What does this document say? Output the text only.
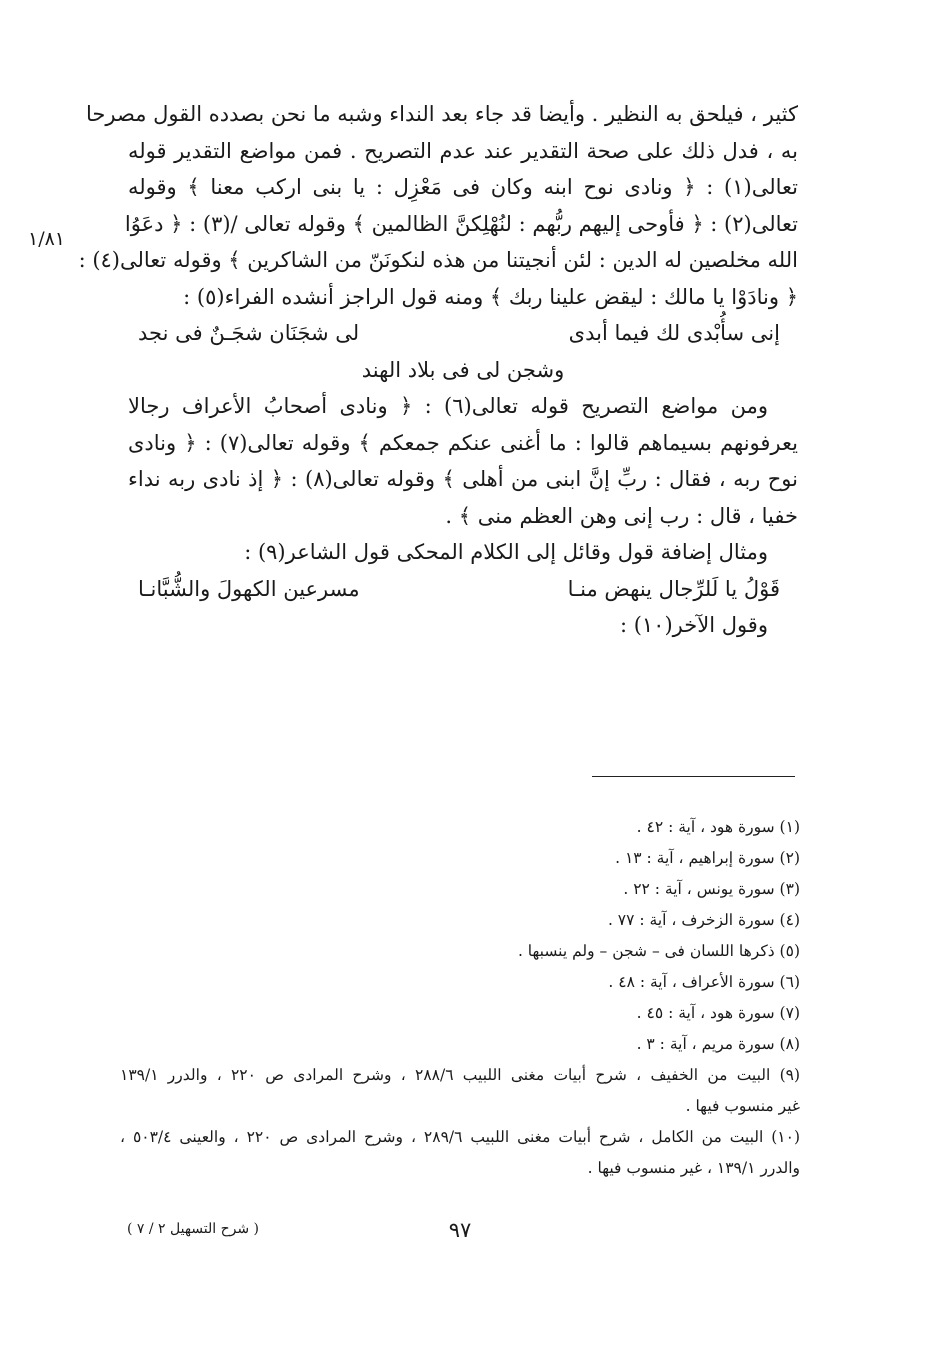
١/٨١
كثير ، فيلحق به النظير . وأيضا قد جاء بعد النداء وشبه ما نحن بصدده القول مصرحا
به ، فدل ذلك على صحة التقدير عند عدم التصريح . فمن مواضع التقدير قوله
تعالى(١) : ﴿ ونادى نوح ابنه وكان فى مَعْزِل : يا بنى اركب معنا ﴾ وقوله
تعالى(٢) : ﴿ فأوحى إليهم ربُّهم : لنُهْلِكنَّ الظالمين ﴾ وقوله تعالى /(٣) : ﴿ دعَوُا
الله مخلصين له الدين : لئن أنجيتنا من هذه لنكونَنّ من الشاكرين ﴾ وقوله تعالى(٤) :
﴿ ونادَوْا يا مالك : ليقض علينا ربك ﴾ ومنه قول الراجز أنشده الفراء(٥) :
إنى سأُبْدى لك فيما أبدى
لى شجَنَان شجَـنٌ فى نجد
وشجن لى فى بلاد الهند
ومن مواضع التصريح قوله تعالى(٦) : ﴿ ونادى أصحابُ الأعراف رجالا
يعرفونهم بسيماهم قالوا : ما أغنى عنكم جمعكم ﴾ وقوله تعالى(٧) : ﴿ ونادى
نوح ربه ، فقال : ربِّ إنَّ ابنى من أهلى ﴾ وقوله تعالى(٨) : ﴿ إذ نادى ربه نداء
خفيا ، قال : رب إنى وهن العظم منى ﴾ .
ومثال إضافة قول وقائل إلى الكلام المحكى قول الشاعر(٩) :
قَوْلُ يا لَلرِّجال ينهض منـا
مسرعين الكهولَ والشُّبَّانـا
وقول الآخر(١٠) :
(١) سورة هود ، آية : ٤٢ .
(٢) سورة إبراهيم ، آية : ١٣ .
(٣) سورة يونس ، آية : ٢٢ .
(٤) سورة الزخرف ، آية : ٧٧ .
(٥) ذكرها اللسان فى – شجن – ولم ينسبها .
(٦) سورة الأعراف ، آية : ٤٨ .
(٧) سورة هود ، آية : ٤٥ .
(٨) سورة مريم ، آية : ٣ .
(٩) البيت من الخفيف ، شرح أبيات مغنى اللبيب ٢٨٨/٦ ، وشرح المرادى ص ٢٢٠ ، والدرر ١٣٩/١
غير منسوب فيها .
(١٠) البيت من الكامل ، شرح أبيات مغنى اللبيب ٢٨٩/٦ ، وشرح المرادى ص ٢٢٠ ، والعينى ٥٠٣/٤ ،
والدرر ١٣٩/١ ، غير منسوب فيها .
٩٧
( شرح التسهيل ٢ / ٧ )
